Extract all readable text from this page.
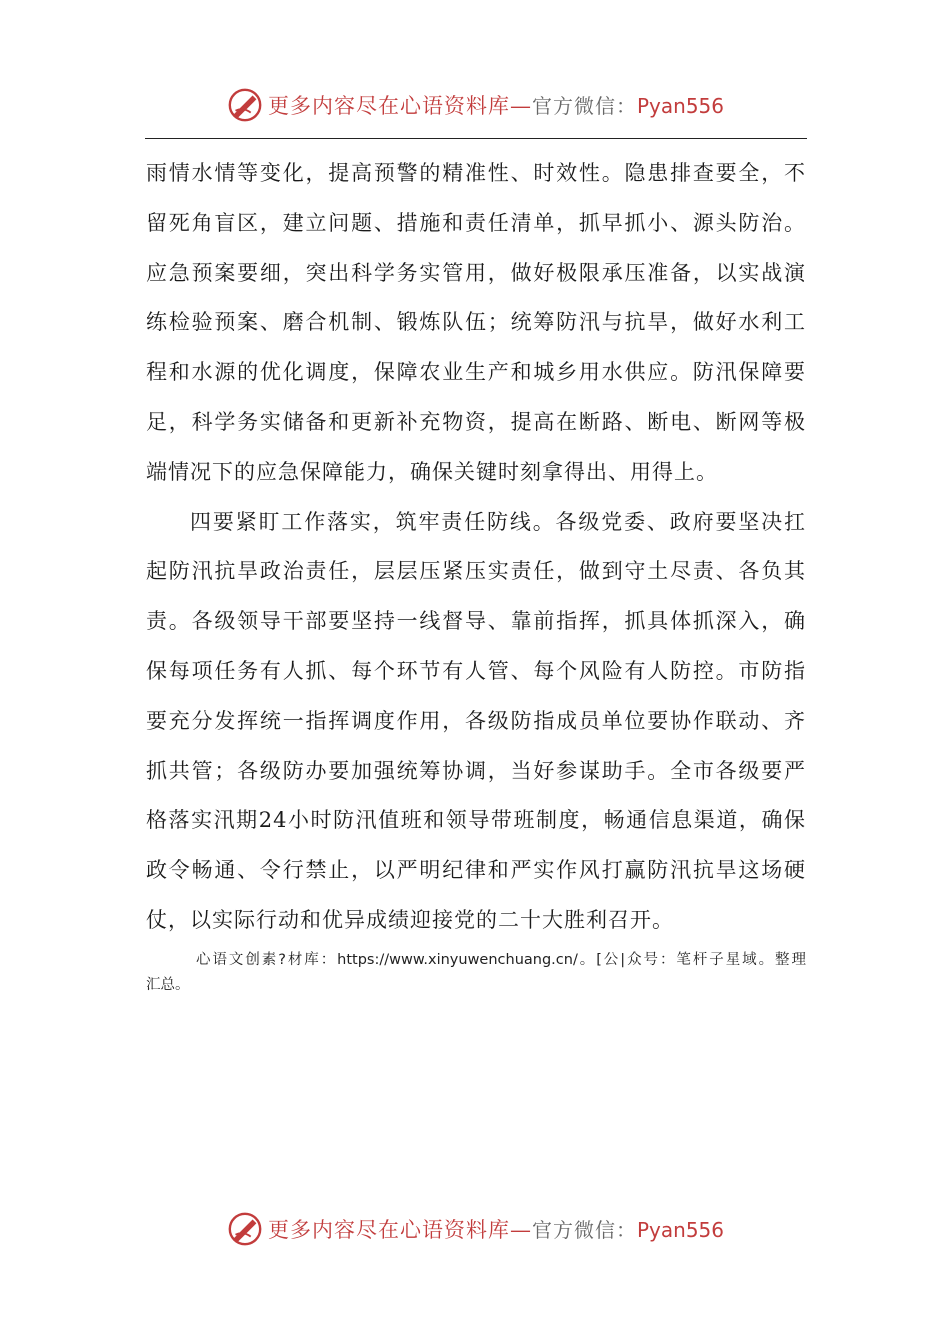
更多内容尽在心语资料库—官方微信：Pyan556
雨情水情等变化，提高预警的精准性、时效性。隐患排查要全，不
留死角盲区，建立问题、措施和责任清单，抓早抓小、源头防治。
应急预案要细，突出科学务实管用，做好极限承压准备，以实战演
练检验预案、磨合机制、锻炼队伍；统筹防汛与抗旱，做好水利工
程和水源的优化调度，保障农业生产和城乡用水供应。防汛保障要
足，科学务实储备和更新补充物资，提高在断路、断电、断网等极
端情况下的应急保障能力，确保关键时刻拿得出、用得上。
四要紧盯工作落实，筑牢责任防线。各级党委、政府要坚决扛
起防汛抗旱政治责任，层层压紧压实责任，做到守土尽责、各负其
责。各级领导干部要坚持一线督导、靠前指挥，抓具体抓深入，确
保每项任务有人抓、每个环节有人管、每个风险有人防控。市防指
要充分发挥统一指挥调度作用，各级防指成员单位要协作联动、齐
抓共管；各级防办要加强统筹协调，当好参谋助手。全市各级要严
格落实汛期24小时防汛值班和领导带班制度，畅通信息渠道，确保
政令畅通、令行禁止，以严明纪律和严实作风打赢防汛抗旱这场硬
仗，以实际行动和优异成绩迎接党的二十大胜利召开。
心语文创素?材库：https://www.xinyuwenchuang.cn/。[公|众号：笔杆子星域。整理
汇总。
更多内容尽在心语资料库—官方微信：Pyan556
